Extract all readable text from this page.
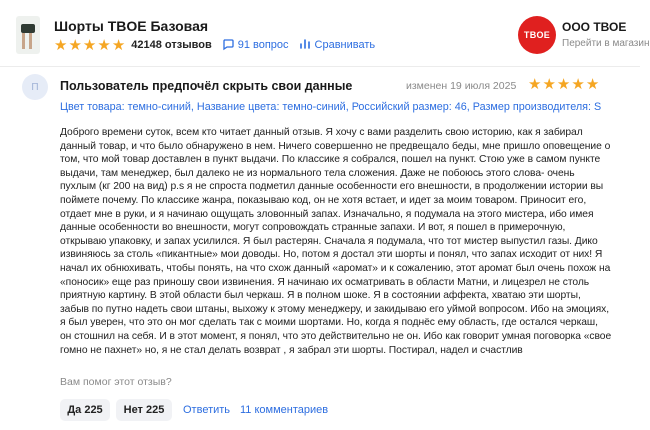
Шорты TBOE Базовая
★ ★ ★ ★ ★ 42148 отзывов 91 вопрос Сравнивать
TBOE
ООО ТВОЕ
Перейти в магазин
П	Пользователь предпочёл скрыть свои данные	изменен 19 июля 2025 ★ ★ ★ ★ ★
Цвет товара: темно-синий, Название цвета: темно-синий, Российский размер: 46, Размер производителя: S
Доброго времени суток, всем кто читает данный отзыв. Я хочу с вами разделить свою историю, как я забирал данный товар, и что было обнаружено в нем. Ничего совершенно не предвещало беды, мне пришло оповещение о том, что мой товар доставлен в пункт выдачи. По классике я собрался, пошел на пункт. Стою уже в самом пункте выдачи, там менеджер, был далеко не из нормального тела сложения. Даже не побоюсь этого слова- очень пухлым (кг 200 на вид) p.s я не спроста подметил данные особенности его внешности, в продолжении истории вы поймете почему. По классике жанра, показываю код, он не хотя встает, и идет за моим товаром. Приносит его, отдает мне в руки, и я начинаю ощущать зловонный запах. Изначально, я подумала на этого мистера, ибо имея данные особенности во внешности, могут сопровождать странные запахи. И вот, я пошел в примерочную, открываю упаковку, и запах усилился. Я был растерян. Сначала я подумала, что тот мистер выпустил газы. Дико извиняюсь за столь «пикантные» мои доводы. Но, потом я достал эти шорты и понял, что запах исходит от них! Я начал их обнюхивать, чтобы понять, на что схож данный «аромат» и к сожалению, этот аромат был очень похож на «поносик» еще раз приношу свои извинения. Я начинаю их осматривать в области Матни, и лицезрел не столь приятную картину. В этой области был черкаш. Я в полном шоке. Я в состоянии аффекта, хватаю эти шорты, забыв по путно надеть свои штаны, выхожу к этому менеджеру, и закидываю его уймой вопросом. Ибо на эмоциях, я был уверен, что это он мог сделать так с моими шортами. Но, когда я поднёс ему область, где остался черкаш, он стошнил на себя. И в этот момент, я понял, что это действительно не он. Ибо как говорит умная поговорка «свое гомно не пахнет» но, я не стал делать возврат , я забрал эти шорты. Постирал, надел и счастлив
Вам помог этот отзыв?
Да 225	Нет 225	Ответить 11 комментариев
